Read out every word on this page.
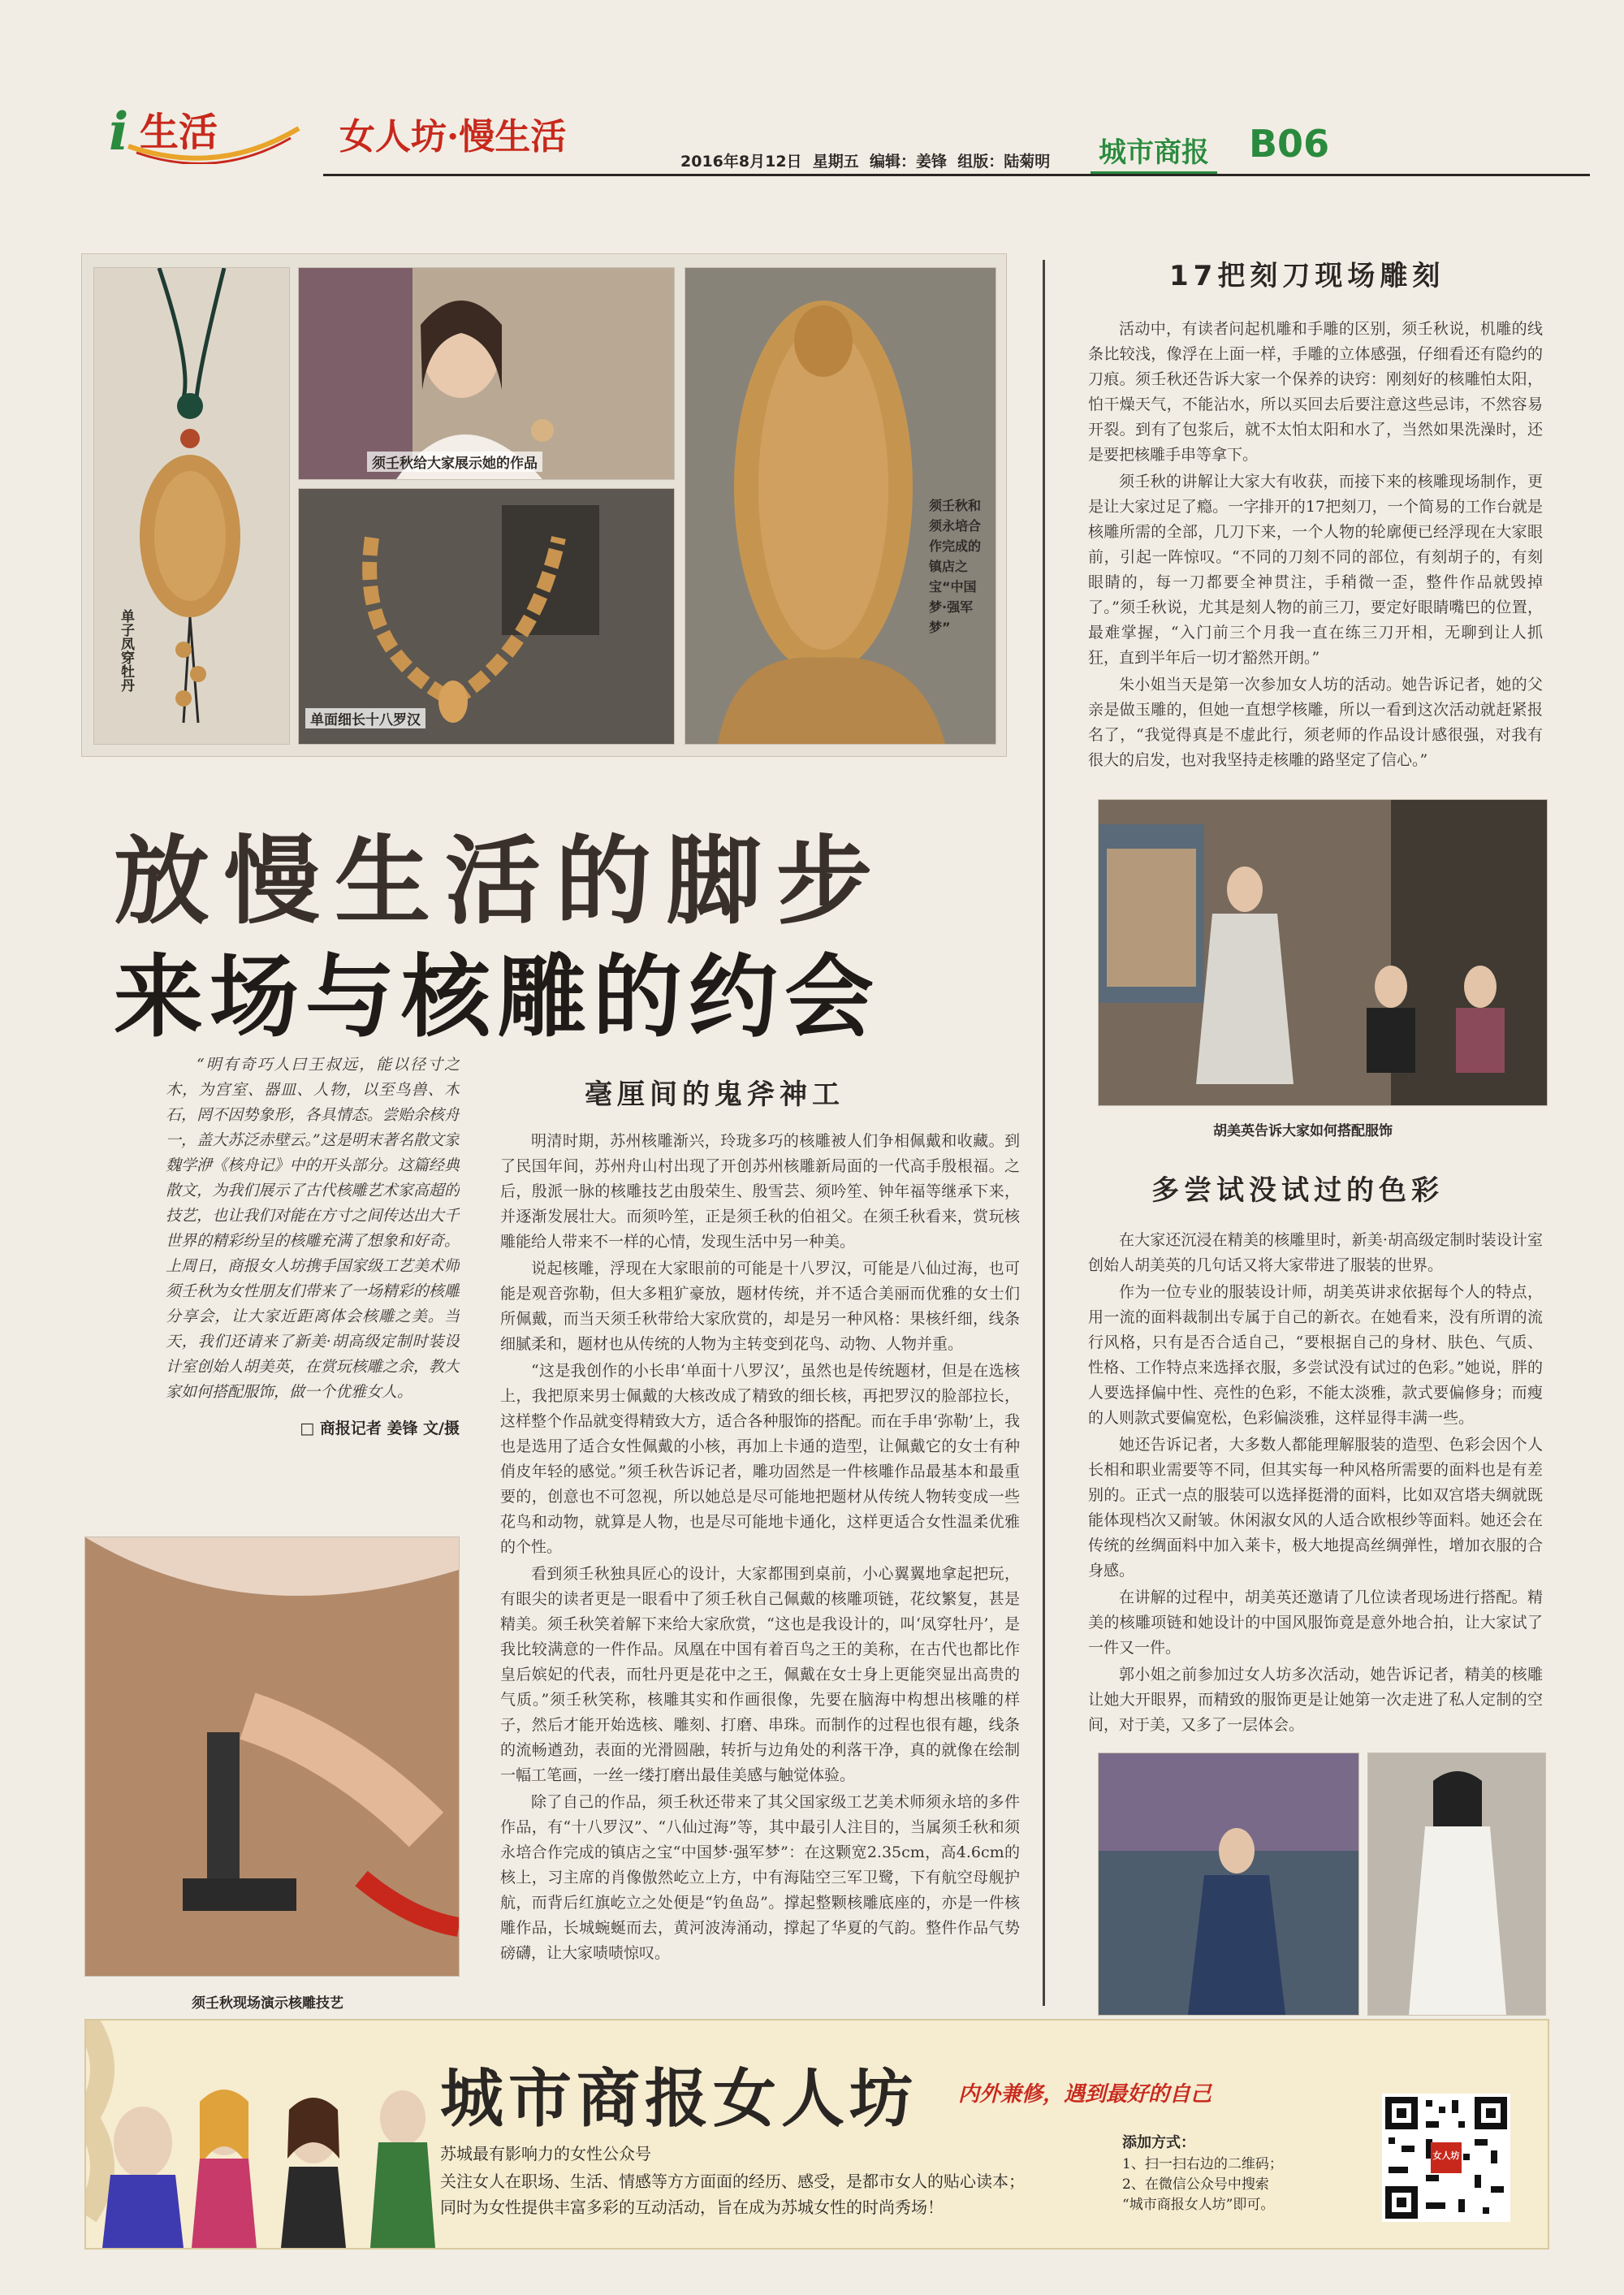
i 生活	女人坊·慢生活
2016年8月12日  星期五  编辑：姜锋  组版：陆菊明 城市商报 B06
单子凤穿牡丹
须壬秋给大家展示她的作品
单面细长十八罗汉
须壬秋和须永培合作完成的镇店之宝“中国梦·强军梦”
放慢生活的脚步
来场与核雕的约会

“明有奇巧人曰王叔远，能以径寸之木，为宫室、器皿、人物，以至鸟兽、木石，罔不因势象形，各具情态。尝贻余核舟一，盖大苏泛赤壁云。”这是明末著名散文家魏学洢《核舟记》中的开头部分。这篇经典散文，为我们展示了古代核雕艺术家高超的技艺，也让我们对能在方寸之间传达出大千世界的精彩纷呈的核雕充满了想象和好奇。上周日，商报女人坊携手国家级工艺美术师须壬秋为女性朋友们带来了一场精彩的核雕分享会，让大家近距离体会核雕之美。当天，我们还请来了新美·胡高级定制时装设计室创始人胡美英，在赏玩核雕之余，教大家如何搭配服饰，做一个优雅女人。

□ 商报记者 姜锋 文/摄
须壬秋现场演示核雕技艺
毫厘间的鬼斧神工

明清时期，苏州核雕渐兴，玲珑多巧的核雕被人们争相佩戴和收藏。到了民国年间，苏州舟山村出现了开创苏州核雕新局面的一代高手殷根福。之后，殷派一脉的核雕技艺由殷荣生、殷雪芸、须吟笙、钟年福等继承下来，并逐渐发展壮大。而须吟笙，正是须壬秋的伯祖父。在须壬秋看来，赏玩核雕能给人带来不一样的心情，发现生活中另一种美。

说起核雕，浮现在大家眼前的可能是十八罗汉，可能是八仙过海，也可能是观音弥勒，但大多粗犷豪放，题材传统，并不适合美丽而优雅的女士们所佩戴，而当天须壬秋带给大家欣赏的，却是另一种风格：果核纤细，线条细腻柔和，题材也从传统的人物为主转变到花鸟、动物、人物并重。

“这是我创作的小长串‘单面十八罗汉’，虽然也是传统题材，但是在选核上，我把原来男士佩戴的大核改成了精致的细长核，再把罗汉的脸部拉长，这样整个作品就变得精致大方，适合各种服饰的搭配。而在手串‘弥勒’上，我也是选用了适合女性佩戴的小核，再加上卡通的造型，让佩戴它的女士有种俏皮年轻的感觉。”须壬秋告诉记者，雕功固然是一件核雕作品最基本和最重要的，创意也不可忽视，所以她总是尽可能地把题材从传统人物转变成一些花鸟和动物，就算是人物，也是尽可能地卡通化，这样更适合女性温柔优雅的个性。

看到须壬秋独具匠心的设计，大家都围到桌前，小心翼翼地拿起把玩，有眼尖的读者更是一眼看中了须壬秋自己佩戴的核雕项链，花纹繁复，甚是精美。须壬秋笑着解下来给大家欣赏，“这也是我设计的，叫‘凤穿牡丹’，是我比较满意的一件作品。凤凰在中国有着百鸟之王的美称，在古代也都比作皇后嫔妃的代表，而牡丹更是花中之王，佩戴在女士身上更能突显出高贵的气质。”须壬秋笑称，核雕其实和作画很像，先要在脑海中构想出核雕的样子，然后才能开始选核、雕刻、打磨、串珠。而制作的过程也很有趣，线条的流畅遒劲，表面的光滑圆融，转折与边角处的利落干净，真的就像在绘制一幅工笔画，一丝一缕打磨出最佳美感与触觉体验。

除了自己的作品，须壬秋还带来了其父国家级工艺美术师须永培的多件作品，有“十八罗汉”、“八仙过海”等，其中最引人注目的，当属须壬秋和须永培合作完成的镇店之宝“中国梦·强军梦”：在这颗宽2.35cm，高4.6cm的核上，习主席的肖像傲然屹立上方，中有海陆空三军卫鹭，下有航空母舰护航，而背后红旗屹立之处便是“钓鱼岛”。撑起整颗核雕底座的，亦是一件核雕作品，长城蜿蜒而去，黄河波涛涌动，撑起了华夏的气韵。整件作品气势磅礴，让大家啧啧惊叹。

17把刻刀现场雕刻

活动中，有读者问起机雕和手雕的区别，须壬秋说，机雕的线条比较浅，像浮在上面一样，手雕的立体感强，仔细看还有隐约的刀痕。须壬秋还告诉大家一个保养的诀窍：刚刻好的核雕怕太阳，怕干燥天气，不能沾水，所以买回去后要注意这些忌讳，不然容易开裂。到有了包浆后，就不太怕太阳和水了，当然如果洗澡时，还是要把核雕手串等拿下。

须壬秋的讲解让大家大有收获，而接下来的核雕现场制作，更是让大家过足了瘾。一字排开的17把刻刀，一个简易的工作台就是核雕所需的全部，几刀下来，一个人物的轮廓便已经浮现在大家眼前，引起一阵惊叹。“不同的刀刻不同的部位，有刻胡子的，有刻眼睛的，每一刀都要全神贯注，手稍微一歪，整件作品就毁掉了。”须壬秋说，尤其是刻人物的前三刀，要定好眼睛嘴巴的位置，最难掌握，“入门前三个月我一直在练三刀开相，无聊到让人抓狂，直到半年后一切才豁然开朗。”

朱小姐当天是第一次参加女人坊的活动。她告诉记者，她的父亲是做玉雕的，但她一直想学核雕，所以一看到这次活动就赶紧报名了，“我觉得真是不虚此行，须老师的作品设计感很强，对我有很大的启发，也对我坚持走核雕的路坚定了信心。”

胡美英告诉大家如何搭配服饰
多尝试没试过的色彩

在大家还沉浸在精美的核雕里时，新美·胡高级定制时装设计室创始人胡美英的几句话又将大家带进了服装的世界。

作为一位专业的服装设计师，胡美英讲求依据每个人的特点，用一流的面料裁制出专属于自己的新衣。在她看来，没有所谓的流行风格，只有是否合适自己，“要根据自己的身材、肤色、气质、性格、工作特点来选择衣服，多尝试没有试过的色彩。”她说，胖的人要选择偏中性、亮性的色彩，不能太淡雅，款式要偏修身；而瘦的人则款式要偏宽松，色彩偏淡雅，这样显得丰满一些。

她还告诉记者，大多数人都能理解服装的造型、色彩会因个人长相和职业需要等不同，但其实每一种风格所需要的面料也是有差别的。正式一点的服装可以选择挺滑的面料，比如双宫塔夫绸就既能体现档次又耐皱。休闲淑女风的人适合欧根纱等面料。她还会在传统的丝绸面料中加入莱卡，极大地提高丝绸弹性，增加衣服的合身感。

在讲解的过程中，胡美英还邀请了几位读者现场进行搭配。精美的核雕项链和她设计的中国风服饰竟是意外地合拍，让大家试了一件又一件。

郭小姐之前参加过女人坊多次活动，她告诉记者，精美的核雕让她大开眼界，而精致的服饰更是让她第一次走进了私人定制的空间，对于美，又多了一层体会。

城市商报女人坊 内外兼修，遇到最好的自己
苏城最有影响力的女性公众号
关注女人在职场、生活、情感等方方面面的经历、感受，是都市女人的贴心读本；
同时为女性提供丰富多彩的互动活动，旨在成为苏城女性的时尚秀场！
添加方式：
1、扫一扫右边的二维码；
2、在微信公众号中搜索
“城市商报女人坊”即可。
女人坊
